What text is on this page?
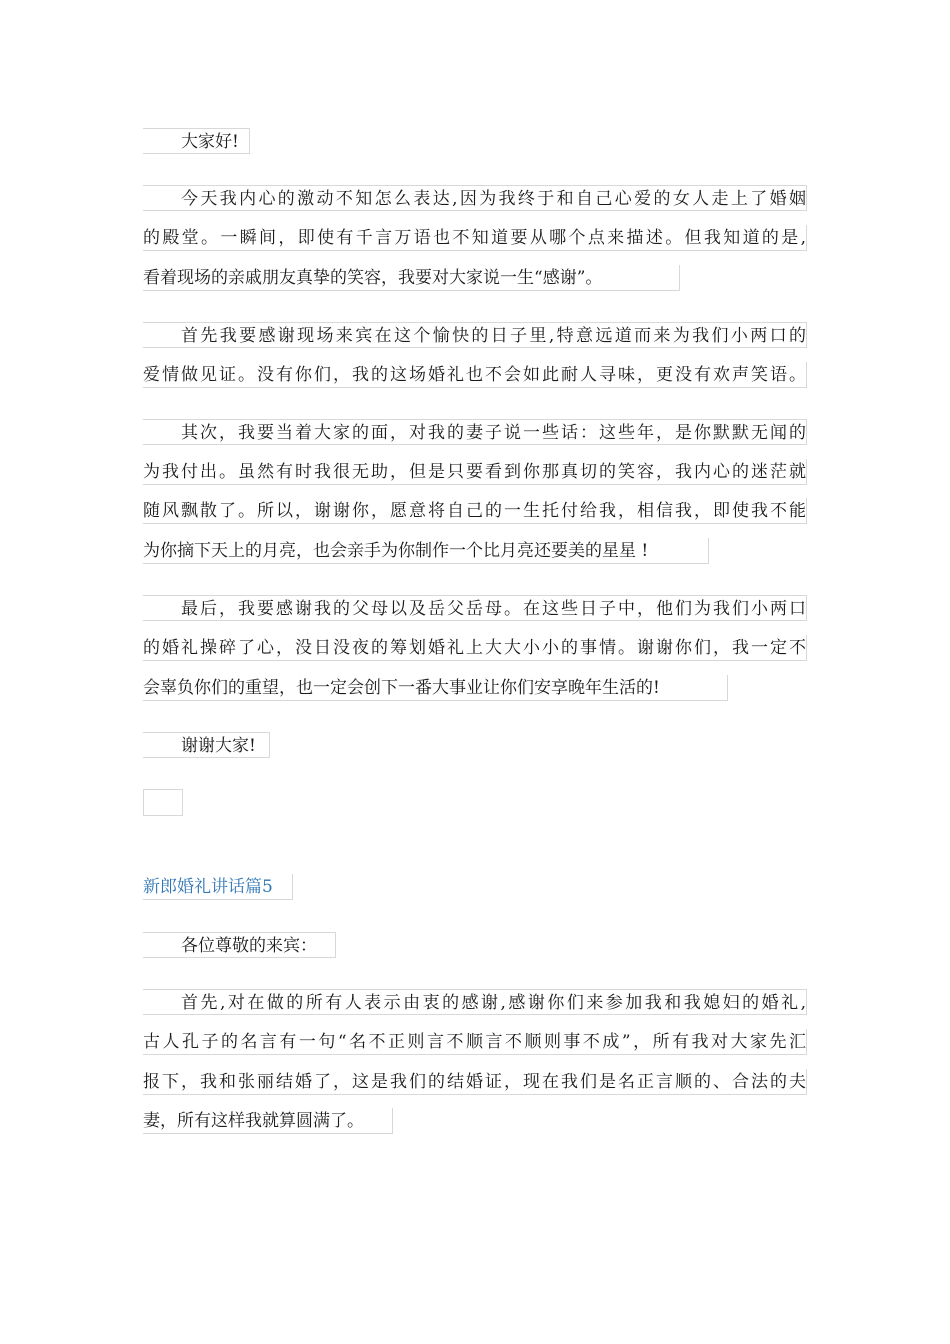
大家好!
今天我内心的激动不知怎么表达,因为我终于和自己心爱的女人走上了婚姻
的殿堂。一瞬间，即使有千言万语也不知道要从哪个点来描述。但我知道的是,
看着现场的亲戚朋友真挚的笑容，我要对大家说一生“感谢”。
首先我要感谢现场来宾在这个愉快的日子里,特意远道而来为我们小两口的
爱情做见证。没有你们，我的这场婚礼也不会如此耐人寻味，更没有欢声笑语。
其次，我要当着大家的面，对我的妻子说一些话：这些年，是你默默无闻的
为我付出。虽然有时我很无助，但是只要看到你那真切的笑容，我内心的迷茫就
随风飘散了。所以，谢谢你，愿意将自己的一生托付给我，相信我，即使我不能
为你摘下天上的月亮，也会亲手为你制作一个比月亮还要美的星星 !
最后，我要感谢我的父母以及岳父岳母。在这些日子中，他们为我们小两口
的婚礼操碎了心，没日没夜的筹划婚礼上大大小小的事情。谢谢你们，我一定不
会辜负你们的重望，也一定会创下一番大事业让你们安享晚年生活的!
谢谢大家!
新郎婚礼讲话篇5
各位尊敬的来宾：
首先,对在做的所有人表示由衷的感谢,感谢你们来参加我和我媳妇的婚礼,
古人孔子的名言有一句“名不正则言不顺言不顺则事不成”，所有我对大家先汇
报下，我和张丽结婚了，这是我们的结婚证，现在我们是名正言顺的、合法的夫
妻，所有这样我就算圆满了。
